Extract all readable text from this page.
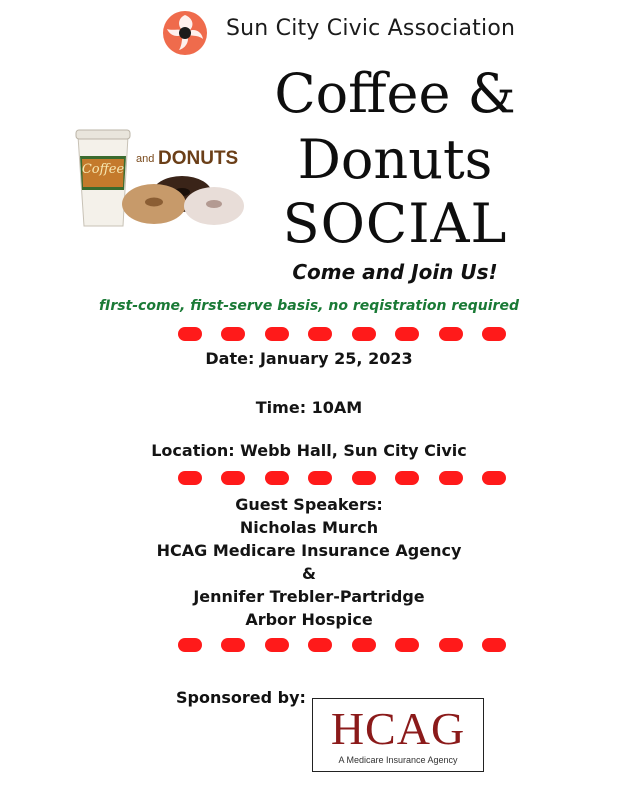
Sun City Civic Association
Coffee
and DONUTS
Coffee &
Donuts
SOCIAL
Come and Join Us!
fIrst-come, first-serve basis, no reqistration required
Date: January 25, 2023
Time: 10AM
Location: Webb Hall, Sun City Civic
Guest Speakers:
Nicholas Murch
HCAG Medicare Insurance Agency
&
Jennifer Trebler-Partridge
Arbor Hospice
Sponsored by:
HCAG
A Medicare Insurance Agency
